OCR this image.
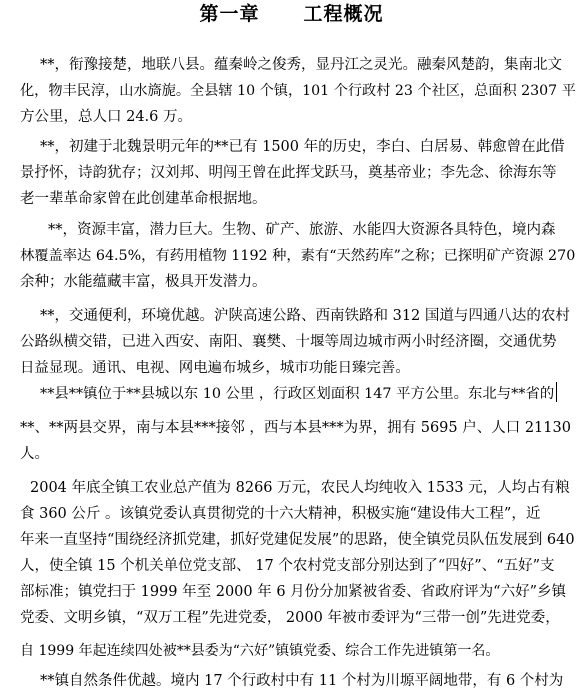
第一章 工程概况
**，衔豫接楚，地联八县。蕴秦岭之俊秀，显丹江之灵光。融秦风楚韵，集南北文
化，物丰民淳，山水旖旎。全县辖 10 个镇，101 个行政村 23 个社区，总面积 2307 平
方公里，总人口 24.6 万。
**，初建于北魏景明元年的**已有 1500 年的历史，李白、白居易、韩愈曾在此借
景抒怀，诗韵犹存；汉刘邦、明闯王曾在此挥戈跃马，奠基帝业；李先念、徐海东等
老一辈革命家曾在此创建革命根据地。
**，资源丰富，潜力巨大。生物、矿产、旅游、水能四大资源各具特色，境内森
林覆盖率达 64.5%，有药用植物 1192 种，素有“天然药库”之称；已探明矿产资源 270
余种；水能蕴藏丰富，极具开发潜力。
**，交通便利，环境优越。沪陕高速公路、西南铁路和 312 国道与四通八达的农村
公路纵横交错，已进入西安、南阳、襄樊、十堰等周边城市两小时经济圈，交通优势
日益显现。通讯、电视、网电遍布城乡，城市功能日臻完善。
**县**镇位于**县城以东 10 公里 ，行政区划面积 147 平方公里。东北与**省的
**、**两县交界，南与本县***接邻 ，西与本县***为界，拥有 5695 户、人口 21130
人。
2004 年底全镇工农业总产值为 8266 万元，农民人均纯收入 1533 元，人均占有粮
食 360 公斤 。该镇党委认真贯彻党的十六大精神，积极实施“建设伟大工程”，近
年来一直坚持“围绕经济抓党建，抓好党建促发展”的思路，使全镇党员队伍发展到 640
人，使全镇 15 个机关单位党支部、 17 个农村党支部分别达到了“四好”、“五好”支
部标准；镇党扫于 1999 年至 2000 年 6 月份分加紧被省委、省政府评为“六好”乡镇
党委、文明乡镇，“双万工程”先进党委， 2000 年被市委评为“三带一创”先进党委，
自 1999 年起连续四处被**县委为“六好”镇镇党委、综合工作先进镇第一名。
**镇自然条件优越。境内 17 个行政村中有 11 个村为川塬平阔地带，有 6 个村为
